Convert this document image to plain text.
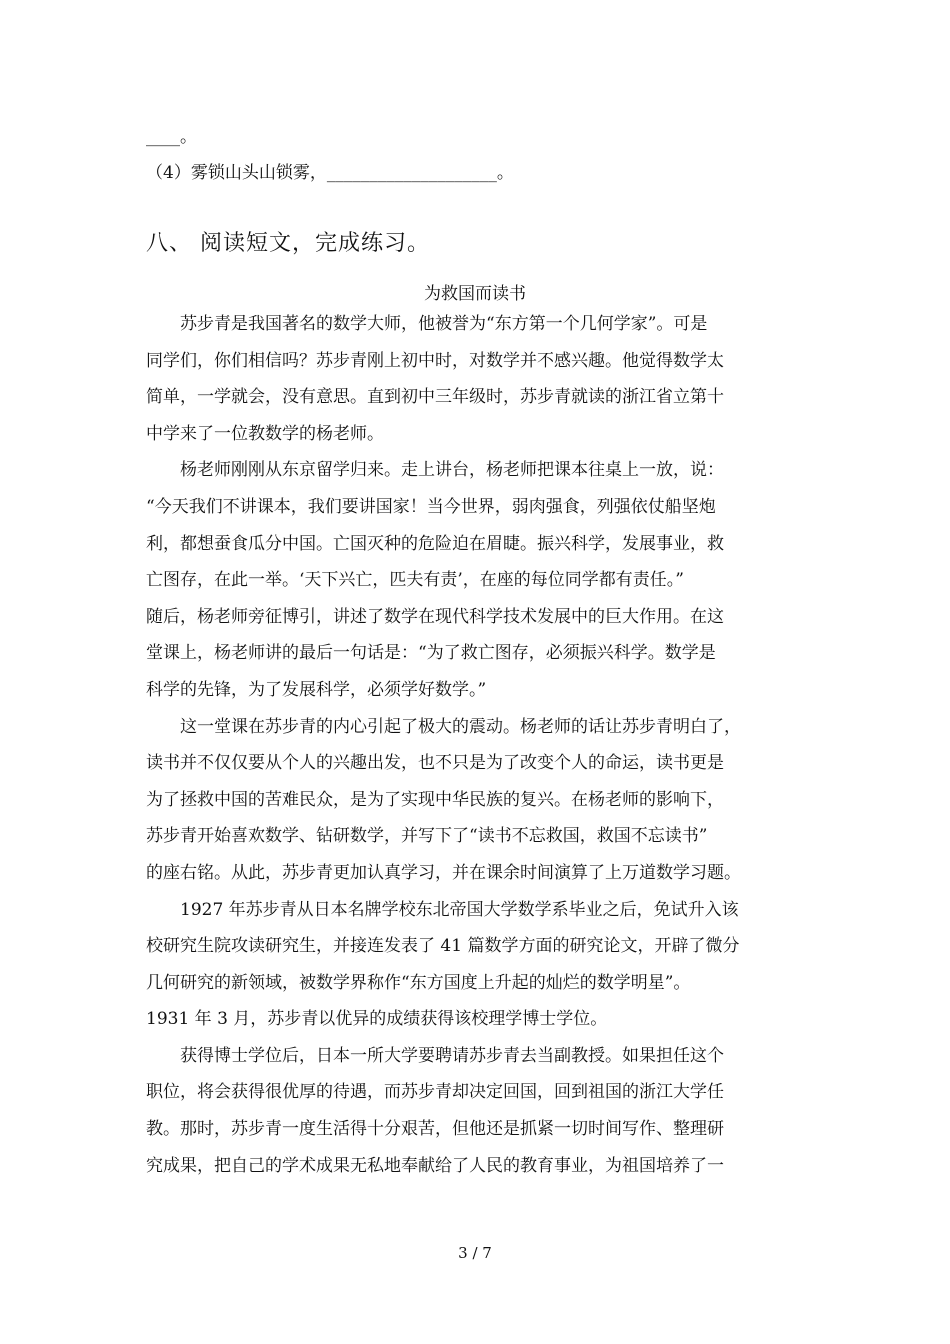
____。
（4）雾锁山头山锁雾，____________________。
八、 阅读短文，完成练习。
为救国而读书
苏步青是我国著名的数学大师，他被誉为“东方第一个几何学家”。可是
同学们，你们相信吗？苏步青刚上初中时，对数学并不感兴趣。他觉得数学太
简单，一学就会，没有意思。直到初中三年级时，苏步青就读的浙江省立第十
中学来了一位教数学的杨老师。
杨老师刚刚从东京留学归来。走上讲台，杨老师把课本往桌上一放，说：
“今天我们不讲课本，我们要讲国家！当今世界，弱肉强食，列强依仗船坚炮
利，都想蚕食瓜分中国。亡国灭种的危险迫在眉睫。振兴科学，发展事业，救
亡图存，在此一举。‘天下兴亡，匹夫有责’，在座的每位同学都有责任。”
随后，杨老师旁征博引，讲述了数学在现代科学技术发展中的巨大作用。在这
堂课上，杨老师讲的最后一句话是：“为了救亡图存，必须振兴科学。数学是
科学的先锋，为了发展科学，必须学好数学。”
这一堂课在苏步青的内心引起了极大的震动。杨老师的话让苏步青明白了，
读书并不仅仅要从个人的兴趣出发，也不只是为了改变个人的命运，读书更是
为了拯救中国的苦难民众，是为了实现中华民族的复兴。在杨老师的影响下，
苏步青开始喜欢数学、钻研数学，并写下了“读书不忘救国，救国不忘读书”
的座右铭。从此，苏步青更加认真学习，并在课余时间演算了上万道数学习题。
1927 年苏步青从日本名牌学校东北帝国大学数学系毕业之后，免试升入该
校研究生院攻读研究生，并接连发表了 41 篇数学方面的研究论文，开辟了微分
几何研究的新领域，被数学界称作“东方国度上升起的灿烂的数学明星”。
1931 年 3 月，苏步青以优异的成绩获得该校理学博士学位。
获得博士学位后，日本一所大学要聘请苏步青去当副教授。如果担任这个
职位，将会获得很优厚的待遇，而苏步青却决定回国，回到祖国的浙江大学任
教。那时，苏步青一度生活得十分艰苦，但他还是抓紧一切时间写作、整理研
究成果，把自己的学术成果无私地奉献给了人民的教育事业，为祖国培养了一
3 / 7
